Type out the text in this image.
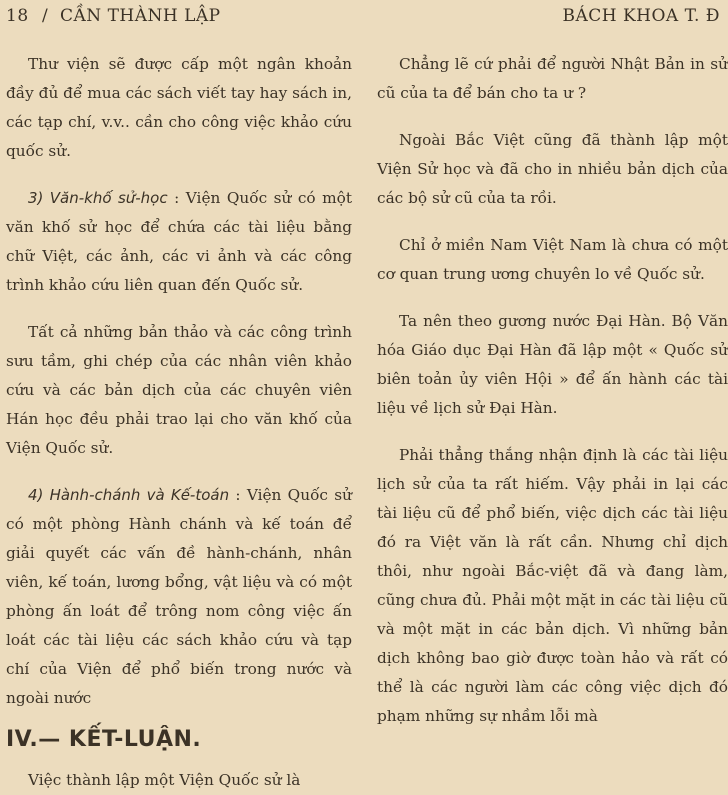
18 / CẦN THÀNH LẬP	BÁCH KHOA T. Đ

Thư viện sẽ được cấp một ngân khoản đầy đủ để mua các sách viết tay hay sách in, các tạp chí, v.v.. cần cho công việc khảo cứu quốc sử.

3) Văn-khố sử-học : Viện Quốc sử có một văn khố sử học để chứa các tài liệu bằng chữ Việt, các ảnh, các vi ảnh và các công trình khảo cứu liên quan đến Quốc sử.

Tất cả những bản thảo và các công trình sưu tầm, ghi chép của các nhân viên khảo cứu và các bản dịch của các chuyên viên Hán học đều phải trao lại cho văn khố của Viện Quốc sử.

4) Hành-chánh và Kế-toán : Viện Quốc sử có một phòng Hành chánh và kế toán để giải quyết các vấn đề hành-chánh, nhân viên, kế toán, lương bổng, vật liệu và có một phòng ấn loát để trông nom công việc ấn loát các tài liệu các sách khảo cứu và tạp chí của Viện để phổ biến trong nước và ngoài nước

IV.— KẾT-LUẬN.

Việc thành lập một Viện Quốc sử là

Chẳng lẽ cứ phải để người Nhật Bản in sử cũ của ta để bán cho ta ư ?

Ngoài Bắc Việt cũng đã thành lập một Viện Sử học và đã cho in nhiều bản dịch của các bộ sử cũ của ta rồi.

Chỉ ở miền Nam Việt Nam là chưa có một cơ quan trung ương chuyên lo về Quốc sử.

Ta nên theo gương nước Đại Hàn. Bộ Văn hóa Giáo dục Đại Hàn đã lập một « Quốc sử biên toản ủy viên Hội » để ấn hành các tài liệu về lịch sử Đại Hàn.

Phải thẳng thắng nhận định là các tài liệu lịch sử của ta rất hiếm. Vậy phải in lại các tài liệu cũ để phổ biến, việc dịch các tài liệu đó ra Việt văn là rất cần. Nhưng chỉ dịch thôi, như ngoài Bắc-việt đã và đang làm, cũng chưa đủ. Phải một mặt in các tài liệu cũ và một mặt in các bản dịch. Vì những bản dịch không bao giờ được toàn hảo và rất có thể là các người làm các công việc dịch đó phạm những sự nhầm lỗi mà
